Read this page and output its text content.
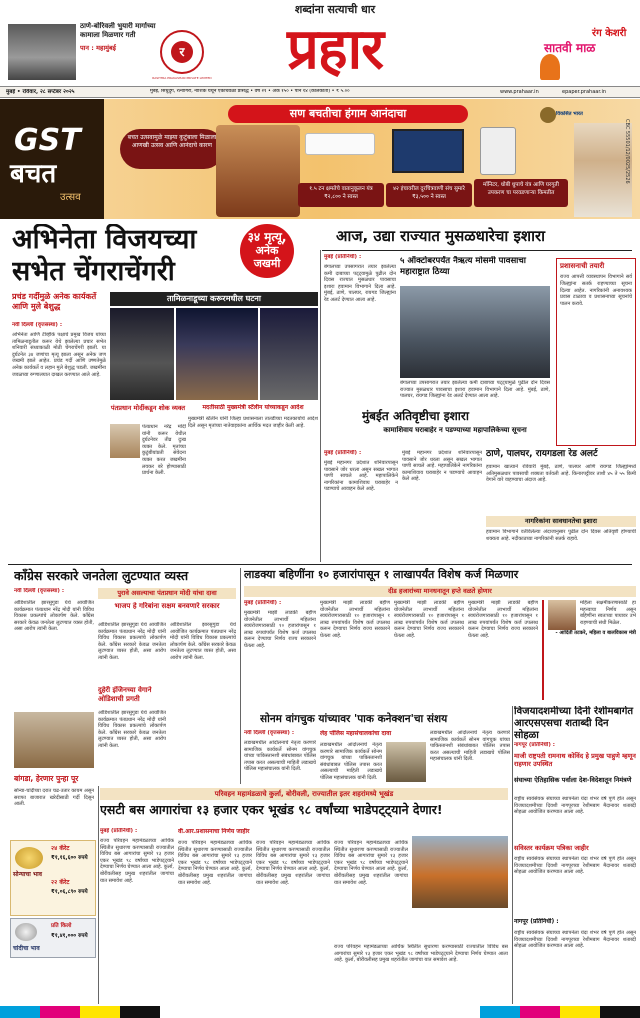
ठाणे-बोरिवली भुयारी मार्गाच्या कामाला मिळणार गती
पान : महामुंबई
शब्दांना सत्याची धार
र
RASHTRA PRAKASHAN PRIVATE LIMITED	प्रहार	सातवी माळ
रंग केशरी
मुंबई • रविवार, २८ सप्टेंबर २०२५	मुंबई, सिंधुदुर्ग, रत्नागिरी, नाशिक येथून एकाचवेळी प्रसिद्ध • वर्ष २१ • अंक १५० • पाने १४ (कोलकाता) • ₹ ५.००	www.prahaar.in	epaper.prahaar.in
GST
बचत
उत्सव
सण बचतीचा हंगाम आनंदाचा
बचत उत्सवामुळे माझ्या कुटुंबाला मिळाला आणखी उत्सव आणि आनंदाचे कारण
१.५ टन क्षमतेचे वातानुकूलन यंत्र ₹२,८०० ने स्वस्त
४२ इंचावरील दूरचित्रवाणी संच सुमारे ₹३,५०० ने स्वस्त
मॉनिटर, धोबी धुपाचे यंत्र आणि घरगुती उपकरण चा परवडणाऱ्या किमतीत
विकसित भारत
CBC 55501/12/0025/2526
अभिनेता विजयच्या सभेत चेंगराचेंगरी
३४ मृत्यू,
अनेक
जखमी
प्रचंड गर्दीमुळे अनेक कार्यकर्ते आणि मुले बेशुद्ध
नवी दिल्ली (वृत्तसंस्था) :
अभिनेता आणि टीव्हीके पक्षाचे प्रमुख विजय यांच्या तामिळनाडूतील करूर येथे झालेल्या प्रचार सभेत शनिवारी संध्याकाळी मोठी चेंगराचेंगरी झाली. या दुर्घटनेत ३४ जणांचा मृत्यू झाला असून अनेक जण जखमी झाले आहेत. प्रचंड गर्दी आणि उष्णतेमुळे अनेक कार्यकर्ते व लहान मुले बेशुद्ध पडली. जखमींना जवळच्या रुग्णालयात दाखल करण्यात आले आहे.
तामिळनाडूच्या करूरमधील घटना
पंतप्रधान मोदींकडून शोक व्यक्त
पंतप्रधान नरेंद्र मोदी यांनी करूर येथील दुर्घटनेवर तीव्र दुःख व्यक्त केले. मृतांच्या कुटुंबीयांप्रती संवेदना व्यक्त करत जखमींना लवकर बरे होण्यासाठी प्रार्थना केली.
मदतीसाठी मुख्यमंत्री स्टॅलीन यांच्याकडून आदेश
मुख्यमंत्री स्टॅलीन यांनी जिल्हा प्रशासनाला तातडीच्या मदतकार्याचे आदेश दिले असून मृतांच्या नातेवाइकांना आर्थिक मदत जाहीर केली आहे.
आज, उद्या राज्यात मुसळधारेचा इशारा
मुंबई (प्रतिनिधी) :
बंगालच्या उपसागरात तयार झालेल्या कमी दाबाच्या पट्ट्यामुळे पुढील दोन दिवस राज्यात मुसळधार पावसाचा इशारा हवामान विभागाने दिला आहे. मुंबई, ठाणे, पालघर, रायगड जिल्ह्यांना रेड अलर्ट देण्यात आला आहे.
५ ऑक्टोबरपर्यंत नैऋत्य मोसमी पावसाचा महाराष्ट्रात ठिय्या
बंगालच्या उपसागरात तयार झालेल्या कमी दाबाच्या पट्ट्यामुळे पुढील दोन दिवस राज्यात मुसळधार पावसाचा इशारा हवामान विभागाने दिला आहे. मुंबई, ठाणे, पालघर, रायगड जिल्ह्यांना रेड अलर्ट देण्यात आला आहे.
प्रशासनाची तयारी
राज्य आपत्ती व्यवस्थापन विभागाने सर्व जिल्ह्यांना सतर्क राहण्याच्या सूचना दिल्या आहेत. नागरिकांनी अनावश्यक प्रवास टाळावा व प्रशासनाच्या सूचनांचे पालन करावे.
मुंबईत अतिवृष्टीचा इशारा
कामाशिवाय घराबाहेर न पडण्याच्या महापालिकेच्या सूचना
मुंबई (प्रतिनिधी) :
मुंबई महानगर प्रदेशात शनिवारपासून पावसाने जोर धरला असून सखल भागात पाणी साचले आहे. महापालिकेने नागरिकांना कामाशिवाय घराबाहेर न पडण्याचे आवाहन केले आहे.
मुंबई महानगर प्रदेशात शनिवारपासून पावसाने जोर धरला असून सखल भागात पाणी साचले आहे. महापालिकेने नागरिकांना कामाशिवाय घराबाहेर न पडण्याचे आवाहन केले आहे.
ठाणे, पालघर, रायगडला रेड अलर्ट
हवामान खात्याने रविवारी मुंबई, ठाणे, पालघर आणि रायगड जिल्ह्यांमध्ये अतिमुसळधार पावसाची शक्यता वर्तवली आहे. किनारपट्टीवर ताशी ४५ ते ५५ किमी वेगाने वारे वाहण्याचा अंदाज आहे.
नागरिकांना सावधानतेचा इशारा
हवामान विभागाने वर्तविलेल्या अंदाजानुसार पुढील दोन दिवस अतिवृष्टी होण्याची शक्यता आहे. नदीकाठच्या नागरिकांनी सतर्क राहावे.
काँग्रेस सरकारे जनतेला लुटण्यात व्यस्त
नवी दिल्ली (वृत्तसंस्था) :	पुरावे असल्याचा पंतप्रधान मोदी यांचा दावा
ओडिशातील झारसुगुडा येथे आयोजित कार्यक्रमात पंतप्रधान नरेंद्र मोदी यांनी विविध विकास प्रकल्पांचे लोकार्पण केले. काँग्रेस सरकारे केवळ जनतेला लुटण्यात व्यस्त होती, असा आरोप त्यांनी केला.
भाजप हे गरिबांना सक्षम बनवणारे सरकार
ओडिशातील झारसुगुडा येथे आयोजित कार्यक्रमात पंतप्रधान नरेंद्र मोदी यांनी विविध विकास प्रकल्पांचे लोकार्पण केले. काँग्रेस सरकारे केवळ जनतेला लुटण्यात व्यस्त होती, असा आरोप त्यांनी केला.
दुहेरी इंजिनच्या वेगाने ओडिशाची प्रगती
ओडिशातील झारसुगुडा येथे आयोजित कार्यक्रमात पंतप्रधान नरेंद्र मोदी यांनी विविध विकास प्रकल्पांचे लोकार्पण केले. काँग्रेस सरकारे केवळ जनतेला लुटण्यात व्यस्त होती, असा आरोप त्यांनी केला.
ओडिशातील झारसुगुडा येथे आयोजित कार्यक्रमात पंतप्रधान नरेंद्र मोदी यांनी विविध विकास प्रकल्पांचे लोकार्पण केले. काँग्रेस सरकारे केवळ जनतेला लुटण्यात व्यस्त होती, असा आरोप त्यांनी केला.
लाडक्या बहिणींना १० हजारांपासून १ लाखापर्यंत विशेष कर्ज मिळणार
दीड हजारांच्या मानधनातून हप्ते वळते होणार
मुंबई (प्रतिनिधी) :
मुख्यमंत्री माझी लाडकी बहीण योजनेतील लाभार्थी महिलांना स्वयंरोजगारासाठी १० हजारांपासून १ लाख रुपयांपर्यंत विशेष कर्ज उपलब्ध करून देण्याचा निर्णय राज्य सरकारने घेतला आहे.
मुख्यमंत्री माझी लाडकी बहीण योजनेतील लाभार्थी महिलांना स्वयंरोजगारासाठी १० हजारांपासून १ लाख रुपयांपर्यंत विशेष कर्ज उपलब्ध करून देण्याचा निर्णय राज्य सरकारने घेतला आहे.
मुख्यमंत्री माझी लाडकी बहीण योजनेतील लाभार्थी महिलांना स्वयंरोजगारासाठी १० हजारांपासून १ लाख रुपयांपर्यंत विशेष कर्ज उपलब्ध करून देण्याचा निर्णय राज्य सरकारने घेतला आहे.
मुख्यमंत्री माझी लाडकी बहीण योजनेतील लाभार्थी महिलांना स्वयंरोजगारासाठी १० हजारांपासून १ लाख रुपयांपर्यंत विशेष कर्ज उपलब्ध करून देण्याचा निर्णय राज्य सरकारने घेतला आहे.
महिला सक्षमीकरणासाठी हा महत्त्वाचा निर्णय असून बहिणींना स्वतःच्या पायावर उभे राहण्याची संधी मिळेल.
- आदिती तटकरे, महिला व बालविकास मंत्री
सोनम वांगचुक यांच्यावर 'पाक कनेक्शन'चा संशय
नवी दिल्ली (वृत्तसंस्था) :
लडाखमधील आंदोलनाचे नेतृत्व करणारे सामाजिक कार्यकर्ते सोनम वांगचुक यांच्या पाकिस्तानशी संबंधांबाबत पोलिस तपास करत असल्याची माहिती लडाखचे पोलिस महासंचालक यांनी दिली.
लेह पोलिस महासंचालकांचा दावा
लडाखमधील आंदोलनाचे नेतृत्व करणारे सामाजिक कार्यकर्ते सोनम वांगचुक यांच्या पाकिस्तानशी संबंधांबाबत पोलिस तपास करत असल्याची माहिती लडाखचे पोलिस महासंचालक यांनी दिली.
लडाखमधील आंदोलनाचे नेतृत्व करणारे सामाजिक कार्यकर्ते सोनम वांगचुक यांच्या पाकिस्तानशी संबंधांबाबत पोलिस तपास करत असल्याची माहिती लडाखचे पोलिस महासंचालक यांनी दिली.
विजयादशमीच्या दिनी रेशीमबागेत आरएसएसचा शताब्दी दिन सोहळा
नागपूर (प्रतिनिधी) :
माजी राष्ट्रपती रामनाथ कोविंद हे प्रमुख पाहुणे म्हणून राहणार उपस्थित
संघाच्या ऐतिहासिक पर्वाला देश-विदेशातून निमंत्रणे
राष्ट्रीय स्वयंसेवक संघाच्या स्थापनेला यंदा शंभर वर्षे पूर्ण होत असून विजयादशमीच्या दिवशी नागपूरच्या रेशीमबाग मैदानावर शताब्दी सोहळा आयोजित करण्यात आला आहे.
सविस्तर कार्यक्रम पत्रिका जाहीर
राष्ट्रीय स्वयंसेवक संघाच्या स्थापनेला यंदा शंभर वर्षे पूर्ण होत असून विजयादशमीच्या दिवशी नागपूरच्या रेशीमबाग मैदानावर शताब्दी सोहळा आयोजित करण्यात आला आहे.
नागपूर (प्रतिनिधी) :
राष्ट्रीय स्वयंसेवक संघाच्या स्थापनेला यंदा शंभर वर्षे पूर्ण होत असून विजयादशमीच्या दिवशी नागपूरच्या रेशीमबाग मैदानावर शताब्दी सोहळा आयोजित करण्यात आला आहे.
बांगडा, हेरणार पुन्हा पूर
सोन्या-चांदीच्या दरात चढ-उतार कायम असून सराफा बाजारात खरेदीसाठी गर्दी दिसून आली.
सोन्याचा भाव
२४ कॅरेट
₹१,१६,६०० रुपये
२२ कॅरेट
₹१,०६,८९० रुपये
चांदीचा भाव
प्रति किलो
₹१,४१,००० रुपये
परिवहन महामंडळाचे कुर्ला, बोरीवली, राज्यातील इतर शहरांमध्ये भूखंड
एसटी बस आगारांचा १३ हजार एकर भूखंड ९८ वर्षांच्या भाडेपट्ट्याने देणार!
मुंबई (प्रतिनिधी) :
राज्य परिवहन महामंडळाच्या आर्थिक स्थितीत सुधारणा करण्यासाठी राज्यातील विविध बस आगारांचा सुमारे १३ हजार एकर भूखंड ९८ वर्षांच्या भाडेपट्ट्याने देण्याचा निर्णय घेण्यात आला आहे. कुर्ला, बोरीवलीसह प्रमुख शहरांतील जागांचा यात समावेश आहे.
वी.आर.प्रशासनाचा निर्णय जाहीर
राज्य परिवहन महामंडळाच्या आर्थिक स्थितीत सुधारणा करण्यासाठी राज्यातील विविध बस आगारांचा सुमारे १३ हजार एकर भूखंड ९८ वर्षांच्या भाडेपट्ट्याने देण्याचा निर्णय घेण्यात आला आहे. कुर्ला, बोरीवलीसह प्रमुख शहरांतील जागांचा यात समावेश आहे.
राज्य परिवहन महामंडळाच्या आर्थिक स्थितीत सुधारणा करण्यासाठी राज्यातील विविध बस आगारांचा सुमारे १३ हजार एकर भूखंड ९८ वर्षांच्या भाडेपट्ट्याने देण्याचा निर्णय घेण्यात आला आहे. कुर्ला, बोरीवलीसह प्रमुख शहरांतील जागांचा यात समावेश आहे.
राज्य परिवहन महामंडळाच्या आर्थिक स्थितीत सुधारणा करण्यासाठी राज्यातील विविध बस आगारांचा सुमारे १३ हजार एकर भूखंड ९८ वर्षांच्या भाडेपट्ट्याने देण्याचा निर्णय घेण्यात आला आहे. कुर्ला, बोरीवलीसह प्रमुख शहरांतील जागांचा यात समावेश आहे.
राज्य परिवहन महामंडळाच्या आर्थिक स्थितीत सुधारणा करण्यासाठी राज्यातील विविध बस आगारांचा सुमारे १३ हजार एकर भूखंड ९८ वर्षांच्या भाडेपट्ट्याने देण्याचा निर्णय घेण्यात आला आहे. कुर्ला, बोरीवलीसह प्रमुख शहरांतील जागांचा यात समावेश आहे.
